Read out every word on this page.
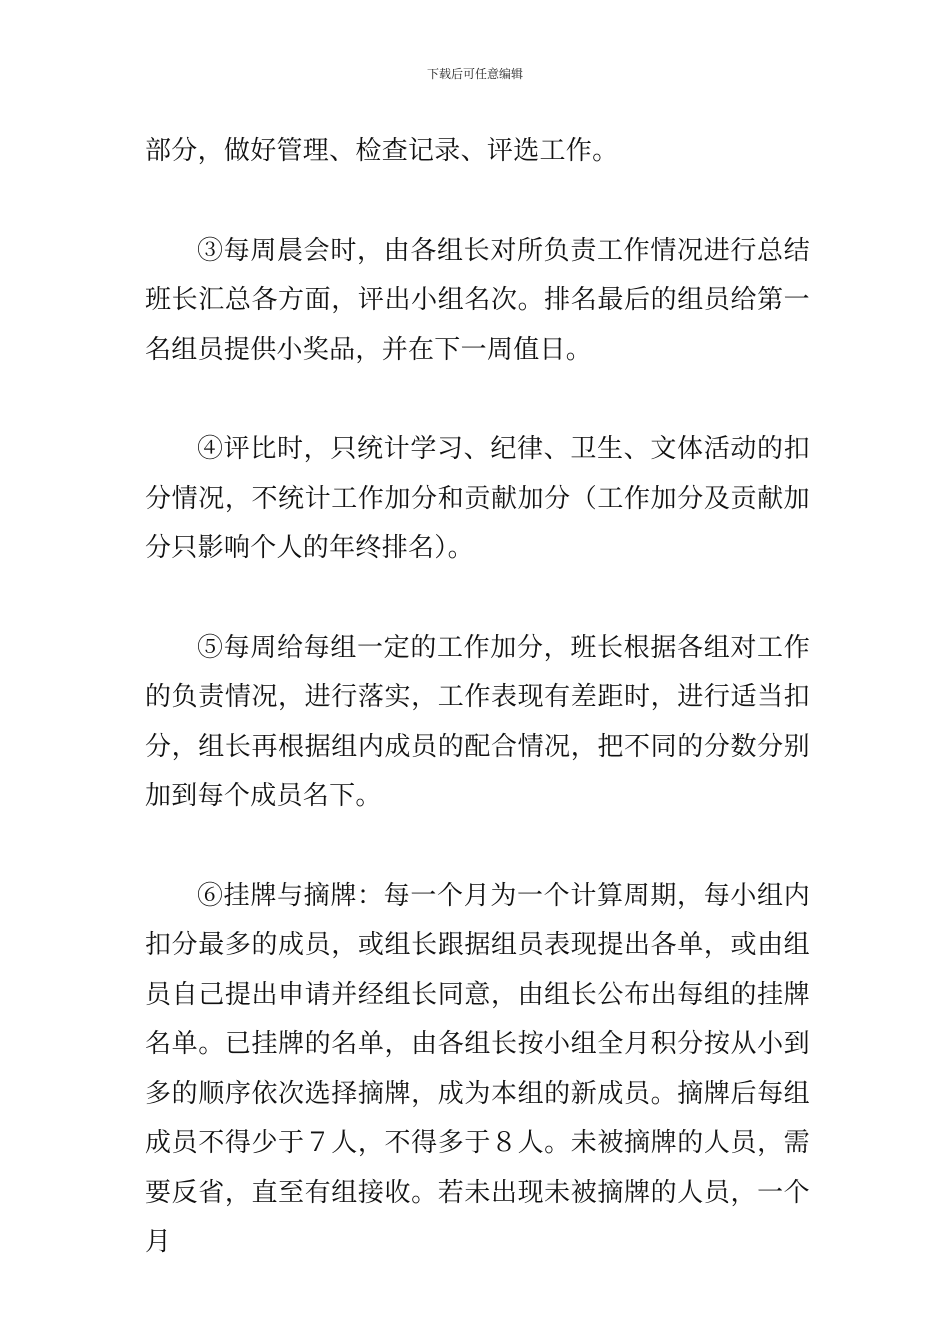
下载后可任意编辑

部分，做好管理、检查记录、评选工作。

③每周晨会时，由各组长对所负责工作情况进行总结班长汇总各方面，评出小组名次。排名最后的组员给第一名组员提供小奖品，并在下一周值日。

④评比时，只统计学习、纪律、卫生、文体活动的扣分情况，不统计工作加分和贡献加分（工作加分及贡献加分只影响个人的年终排名）。

⑤每周给每组一定的工作加分，班长根据各组对工作的负责情况，进行落实，工作表现有差距时，进行适当扣分，组长再根据组内成员的配合情况，把不同的分数分别加到每个成员名下。

⑥挂牌与摘牌：每一个月为一个计算周期，每小组内扣分最多的成员，或组长跟据组员表现提出各单，或由组员自己提出申请并经组长同意，由组长公布出每组的挂牌名单。已挂牌的名单，由各组长按小组全月积分按从小到多的顺序依次选择摘牌，成为本组的新成员。摘牌后每组成员不得少于７人，不得多于８人。未被摘牌的人员，需要反省，直至有组接收。若未出现未被摘牌的人员，一个月
